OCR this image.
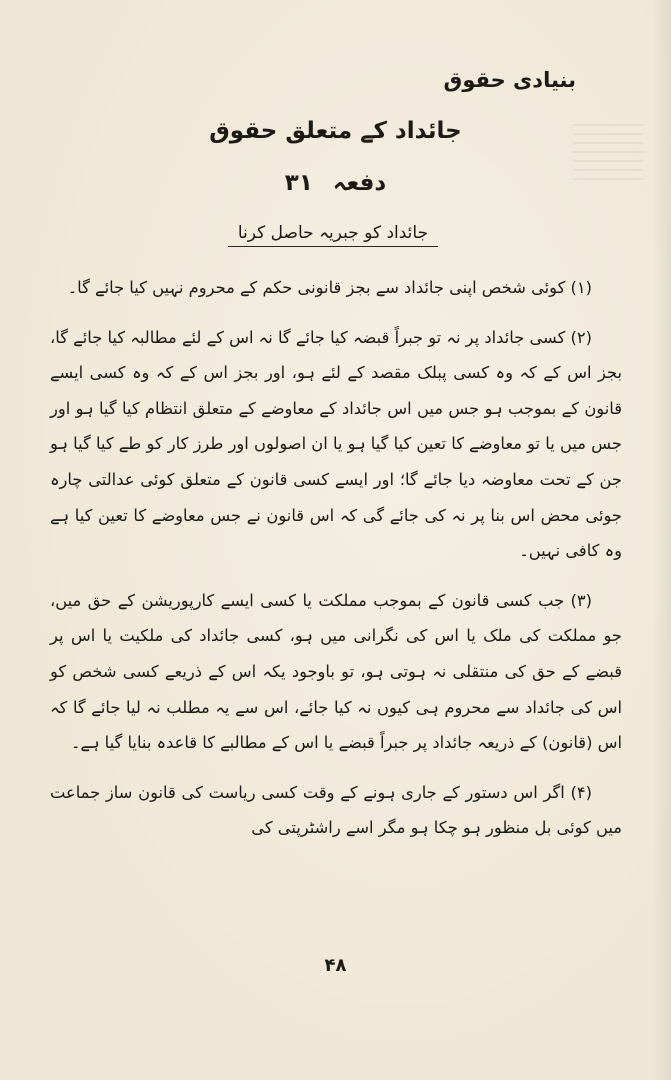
بنیادی حقوق
جائداد کے متعلق حقوق
دفعہ ۳۱
جائداد کو جبریہ حاصل کرنا

(۱) کوئی شخص اپنی جائداد سے بجز قانونی حکم کے محروم نہیں کیا جائے گا۔

(۲) کسی جائداد پر نہ تو جبراً قبضہ کیا جائے گا نہ اس کے لئے مطالبہ کیا جائے گا، بجز اس کے کہ وہ کسی پبلک مقصد کے لئے ہو، اور بجز اس کے کہ وہ کسی ایسے قانون کے بموجب ہو جس میں اس جائداد کے معاوضے کے متعلق انتظام کیا گیا ہو اور جس میں یا تو معاوضے کا تعین کیا گیا ہو یا ان اصولوں اور طرز کار کو طے کیا گیا ہو جن کے تحت معاوضہ دیا جائے گا؛ اور ایسے کسی قانون کے متعلق کوئی عدالتی چارہ جوئی محض اس بنا پر نہ کی جائے گی کہ اس قانون نے جس معاوضے کا تعین کیا ہے وہ کافی نہیں۔

(۳) جب کسی قانون کے بموجب مملکت یا کسی ایسے کارپوریشن کے حق میں، جو مملکت کی ملک یا اس کی نگرانی میں ہو، کسی جائداد کی ملکیت یا اس پر قبضے کے حق کی منتقلی نہ ہوتی ہو، تو باوجود یکہ اس کے ذریعے کسی شخص کو اس کی جائداد سے محروم ہی کیوں نہ کیا جائے، اس سے یہ مطلب نہ لیا جائے گا کہ اس (قانون) کے ذریعہ جائداد پر جبراً قبضے یا اس کے مطالبے کا قاعدہ بنایا گیا ہے۔

(۴) اگر اس دستور کے جاری ہونے کے وقت کسی ریاست کی قانون ساز جماعت میں کوئی بل منظور ہو چکا ہو مگر اسے راشٹرپتی کی

۴۸
